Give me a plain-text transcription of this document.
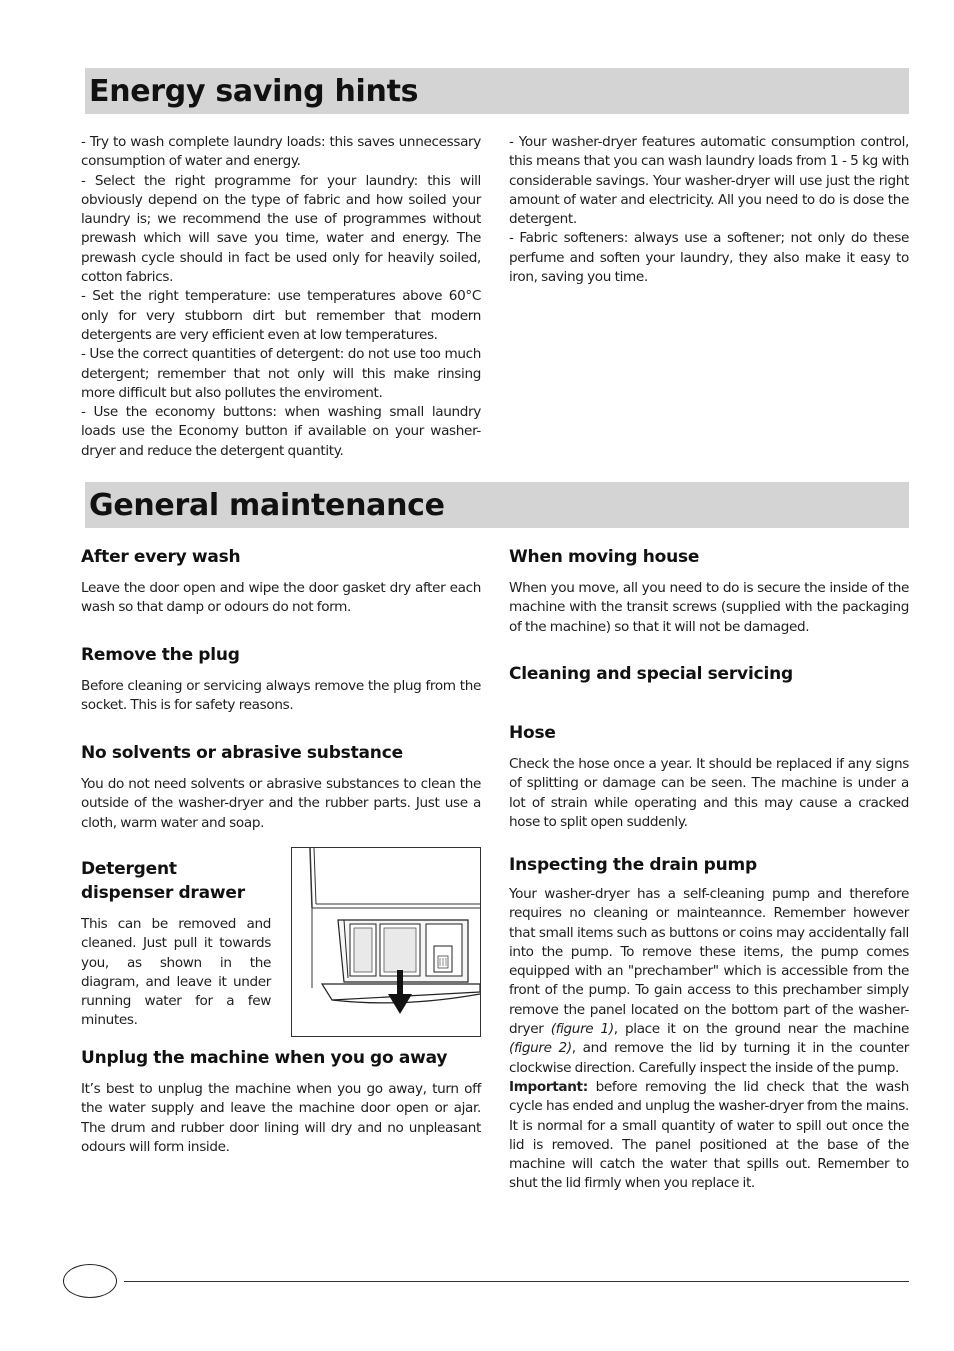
Energy saving hints

- Try to wash complete laundry loads: this saves unnecessary consumption of water and energy.

- Select the right programme for your laundry: this will obviously depend on the type of fabric and how soiled your laundry is; we recommend the use of programmes without prewash which will save you time, water and energy. The prewash cycle should in fact be used only for heavily soiled, cotton fabrics.

- Set the right temperature: use temperatures above 60°C only for very stubborn dirt but remember that modern detergents are very efficient even at low temperatures.

- Use the correct quantities of detergent: do not use too much detergent; remember that not only will this make rinsing more difficult but also pollutes the enviroment.

- Use the economy buttons: when washing small laundry loads use the Economy button if available on your washer-dryer and reduce the detergent quantity.

- Your washer-dryer features automatic consumption control, this means that you can wash laundry loads from 1 - 5 kg with considerable savings. Your washer-dryer will use just the right amount of water and electricity. All you need to do is dose the detergent.

- Fabric softeners: always use a softener; not only do these perfume and soften your laundry, they also make it easy to iron, saving you time.

General maintenance
After every wash

Leave the door open and wipe the door gasket dry after each wash so that damp or odours do not form.

Remove the plug

Before cleaning or servicing always remove the plug from the socket. This is for safety reasons.

No solvents or abrasive substance

You do not need solvents or abrasive substances to clean the outside of the washer-dryer and the rubber parts. Just use a cloth, warm water and soap.

Detergent dispenser drawer

This can be removed and cleaned. Just pull it towards you, as shown in the diagram, and leave it under running water for a few minutes.

Unplug the machine when you go away

It’s best to unplug the machine when you go away, turn off the water supply and leave the machine door open or ajar. The drum and rubber door lining will dry and no unpleasant odours will form inside.

When moving house

When you move, all you need to do is secure the inside of the machine with the transit screws (supplied with the packaging of the machine) so that it will not be damaged.

Cleaning and special servicing
Hose

Check the hose once a year. It should be replaced if any signs of splitting or damage can be seen. The machine is under a lot of strain while operating and this may cause a cracked hose to split open suddenly.

Inspecting the drain pump

Your washer-dryer has a self-cleaning pump and therefore requires no cleaning or mainteannce. Remember however that small items such as buttons or coins may accidentally fall into the pump. To remove these items, the pump comes equipped with an "prechamber" which is accessible from the front of the pump. To gain access to this prechamber simply remove the panel located on the bottom part of the washer-dryer (figure 1), place it on the ground near the machine (figure 2), and remove the lid by turning it in the counter clockwise direction. Carefully inspect the inside of the pump.

Important: before removing the lid check that the wash cycle has ended and unplug the washer-dryer from the mains. It is normal for a small quantity of water to spill out once the lid is removed. The panel positioned at the base of the machine will catch the water that spills out. Remember to shut the lid firmly when you replace it.
